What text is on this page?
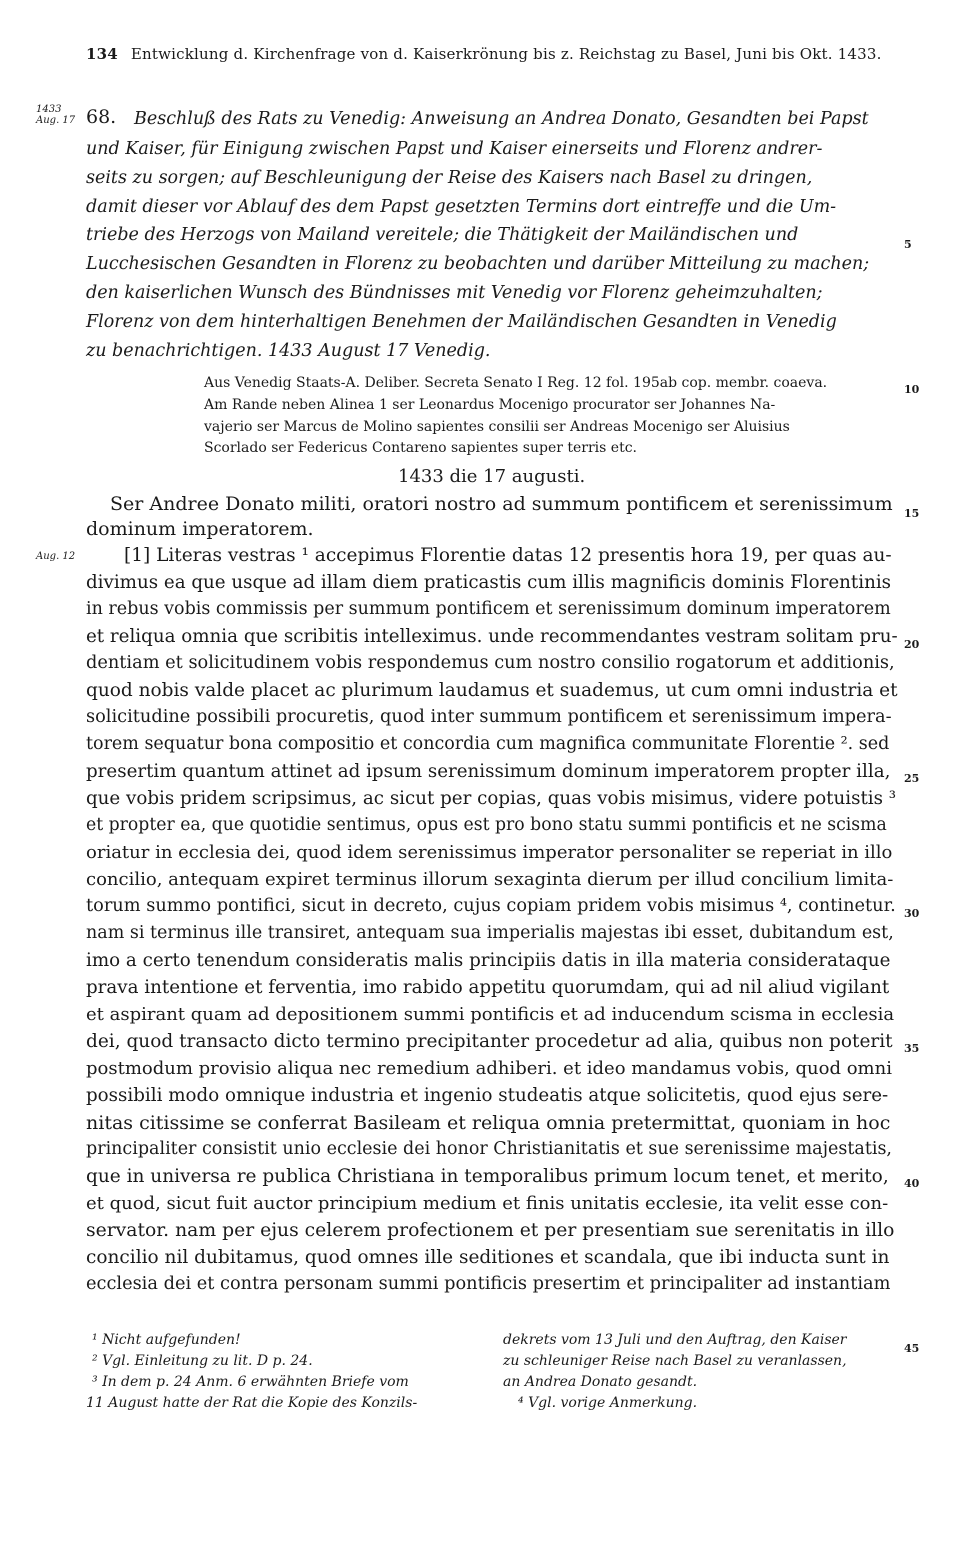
134 Entwicklung d. Kirchenfrage von d. Kaiserkrönung bis z. Reichstag zu Basel, Juni bis Okt. 1433.
1433
Aug. 17 68. Beschluß des Rats zu Venedig: Anweisung an Andrea Donato, Gesandten bei Papst
und Kaiser, für Einigung zwischen Papst und Kaiser einerseits und Florenz andrer-
seits zu sorgen; auf Beschleunigung der Reise des Kaisers nach Basel zu dringen,
damit dieser vor Ablauf des dem Papst gesetzten Termins dort eintreffe und die Um-
triebe des Herzogs von Mailand vereitele; die Thätigkeit der Mailändischen und
Lucchesischen Gesandten in Florenz zu beobachten und darüber Mitteilung zu machen;
den kaiserlichen Wunsch des Bündnisses mit Venedig vor Florenz geheimzuhalten;
Florenz von dem hinterhaltigen Benehmen der Mailändischen Gesandten in Venedig
zu benachrichtigen. 1433 August 17 Venedig.
Aus Venedig Staats-A. Deliber. Secreta Senato I Reg. 12 fol. 195ab cop. membr. coaeva.
Am Rande neben Alinea 1 ser Leonardus Mocenigo procurator ser Johannes Na-
vajerio ser Marcus de Molino sapientes consilii ser Andreas Mocenigo ser Aluisius
Scorlado ser Federicus Contareno sapientes super terris etc.
1433 die 17 augusti.
Ser Andree Donato militi, oratori nostro ad summum pontificem et serenissimum
dominum imperatorem.
Aug. 12	[1] Literas vestras ¹ accepimus Florentie datas 12 presentis hora 19, per quas au-
divimus ea que usque ad illam diem praticastis cum illis magnificis dominis Florentinis
in rebus vobis commissis per summum pontificem et serenissimum dominum imperatorem
et reliqua omnia que scribitis intelleximus. unde recommendantes vestram solitam pru-
dentiam et solicitudinem vobis respondemus cum nostro consilio rogatorum et additionis,
quod nobis valde placet ac plurimum laudamus et suademus, ut cum omni industria et
solicitudine possibili procuretis, quod inter summum pontificem et serenissimum impera-
torem sequatur bona compositio et concordia cum magnifica communitate Florentie ². sed
presertim quantum attinet ad ipsum serenissimum dominum imperatorem propter illa,
que vobis pridem scripsimus, ac sicut per copias, quas vobis misimus, videre potuistis ³
et propter ea, que quotidie sentimus, opus est pro bono statu summi pontificis et ne scisma
oriatur in ecclesia dei, quod idem serenissimus imperator personaliter se reperiat in illo
concilio, antequam expiret terminus illorum sexaginta dierum per illud concilium limita-
torum summo pontifici, sicut in decreto, cujus copiam pridem vobis misimus ⁴, continetur.
nam si terminus ille transiret, antequam sua imperialis majestas ibi esset, dubitandum est,
imo a certo tenendum consideratis malis principiis datis in illa materia considerataque
prava intentione et ferventia, imo rabido appetitu quorumdam, qui ad nil aliud vigilant
et aspirant quam ad depositionem summi pontificis et ad inducendum scisma in ecclesia
dei, quod transacto dicto termino precipitanter procedetur ad alia, quibus non poterit
postmodum provisio aliqua nec remedium adhiberi. et ideo mandamus vobis, quod omni
possibili modo omnique industria et ingenio studeatis atque solicitetis, quod ejus sere-
nitas citissime se conferrat Basileam et reliqua omnia pretermittat, quoniam in hoc
principaliter consistit unio ecclesie dei honor Christianitatis et sue serenissime majestatis,
que in universa re publica Christiana in temporalibus primum locum tenet, et merito,
et quod, sicut fuit auctor principium medium et finis unitatis ecclesie, ita velit esse con-
servator. nam per ejus celerem profectionem et per presentiam sue serenitatis in illo
concilio nil dubitamus, quod omnes ille seditiones et scandala, que ibi inducta sunt in
ecclesia dei et contra personam summi pontificis presertim et principaliter ad instantiam
5
10
15
20
25
30
35
40
45
¹ Nicht aufgefunden!
² Vgl. Einleitung zu lit. D p. 24.
³ In dem p. 24 Anm. 6 erwähnten Briefe vom
11 August hatte der Rat die Kopie des Konzils-
dekrets vom 13 Juli und den Auftrag, den Kaiser
zu schleuniger Reise nach Basel zu veranlassen,
an Andrea Donato gesandt.
⁴ Vgl. vorige Anmerkung.
